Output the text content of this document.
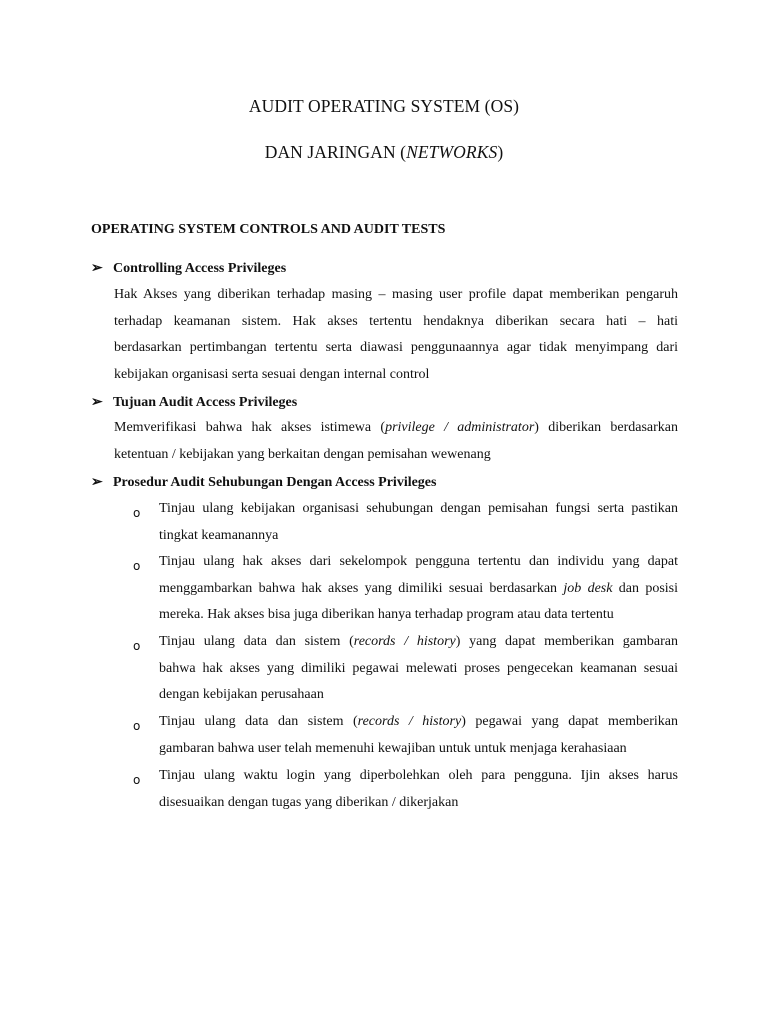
AUDIT OPERATING SYSTEM (OS)
DAN JARINGAN (NETWORKS)
OPERATING SYSTEM CONTROLS AND AUDIT TESTS
➢ Controlling Access Privileges
Hak Akses yang diberikan terhadap masing – masing user profile dapat memberikan pengaruh
terhadap keamanan sistem. Hak akses tertentu hendaknya diberikan secara hati – hati
berdasarkan pertimbangan tertentu serta diawasi penggunaannya agar tidak menyimpang dari
kebijakan organisasi serta sesuai dengan internal control
➢ Tujuan Audit Access Privileges
Memverifikasi bahwa hak akses istimewa (privilege / administrator) diberikan berdasarkan
ketentuan / kebijakan yang berkaitan dengan pemisahan wewenang
➢ Prosedur Audit Sehubungan Dengan Access Privileges
o Tinjau ulang kebijakan organisasi sehubungan dengan pemisahan fungsi serta pastikan
tingkat keamanannya
o Tinjau ulang hak akses dari sekelompok pengguna tertentu dan individu yang dapat
menggambarkan bahwa hak akses yang dimiliki sesuai berdasarkan job desk dan posisi
mereka. Hak akses bisa juga diberikan hanya terhadap program atau data tertentu
o Tinjau ulang data dan sistem (records / history) yang dapat memberikan gambaran
bahwa hak akses yang dimiliki pegawai melewati proses pengecekan keamanan sesuai
dengan kebijakan perusahaan
o Tinjau ulang data dan sistem (records / history) pegawai yang dapat memberikan
gambaran bahwa user telah memenuhi kewajiban untuk untuk menjaga kerahasiaan
o Tinjau ulang waktu login yang diperbolehkan oleh para pengguna. Ijin akses harus
disesuaikan dengan tugas yang diberikan / dikerjakan
